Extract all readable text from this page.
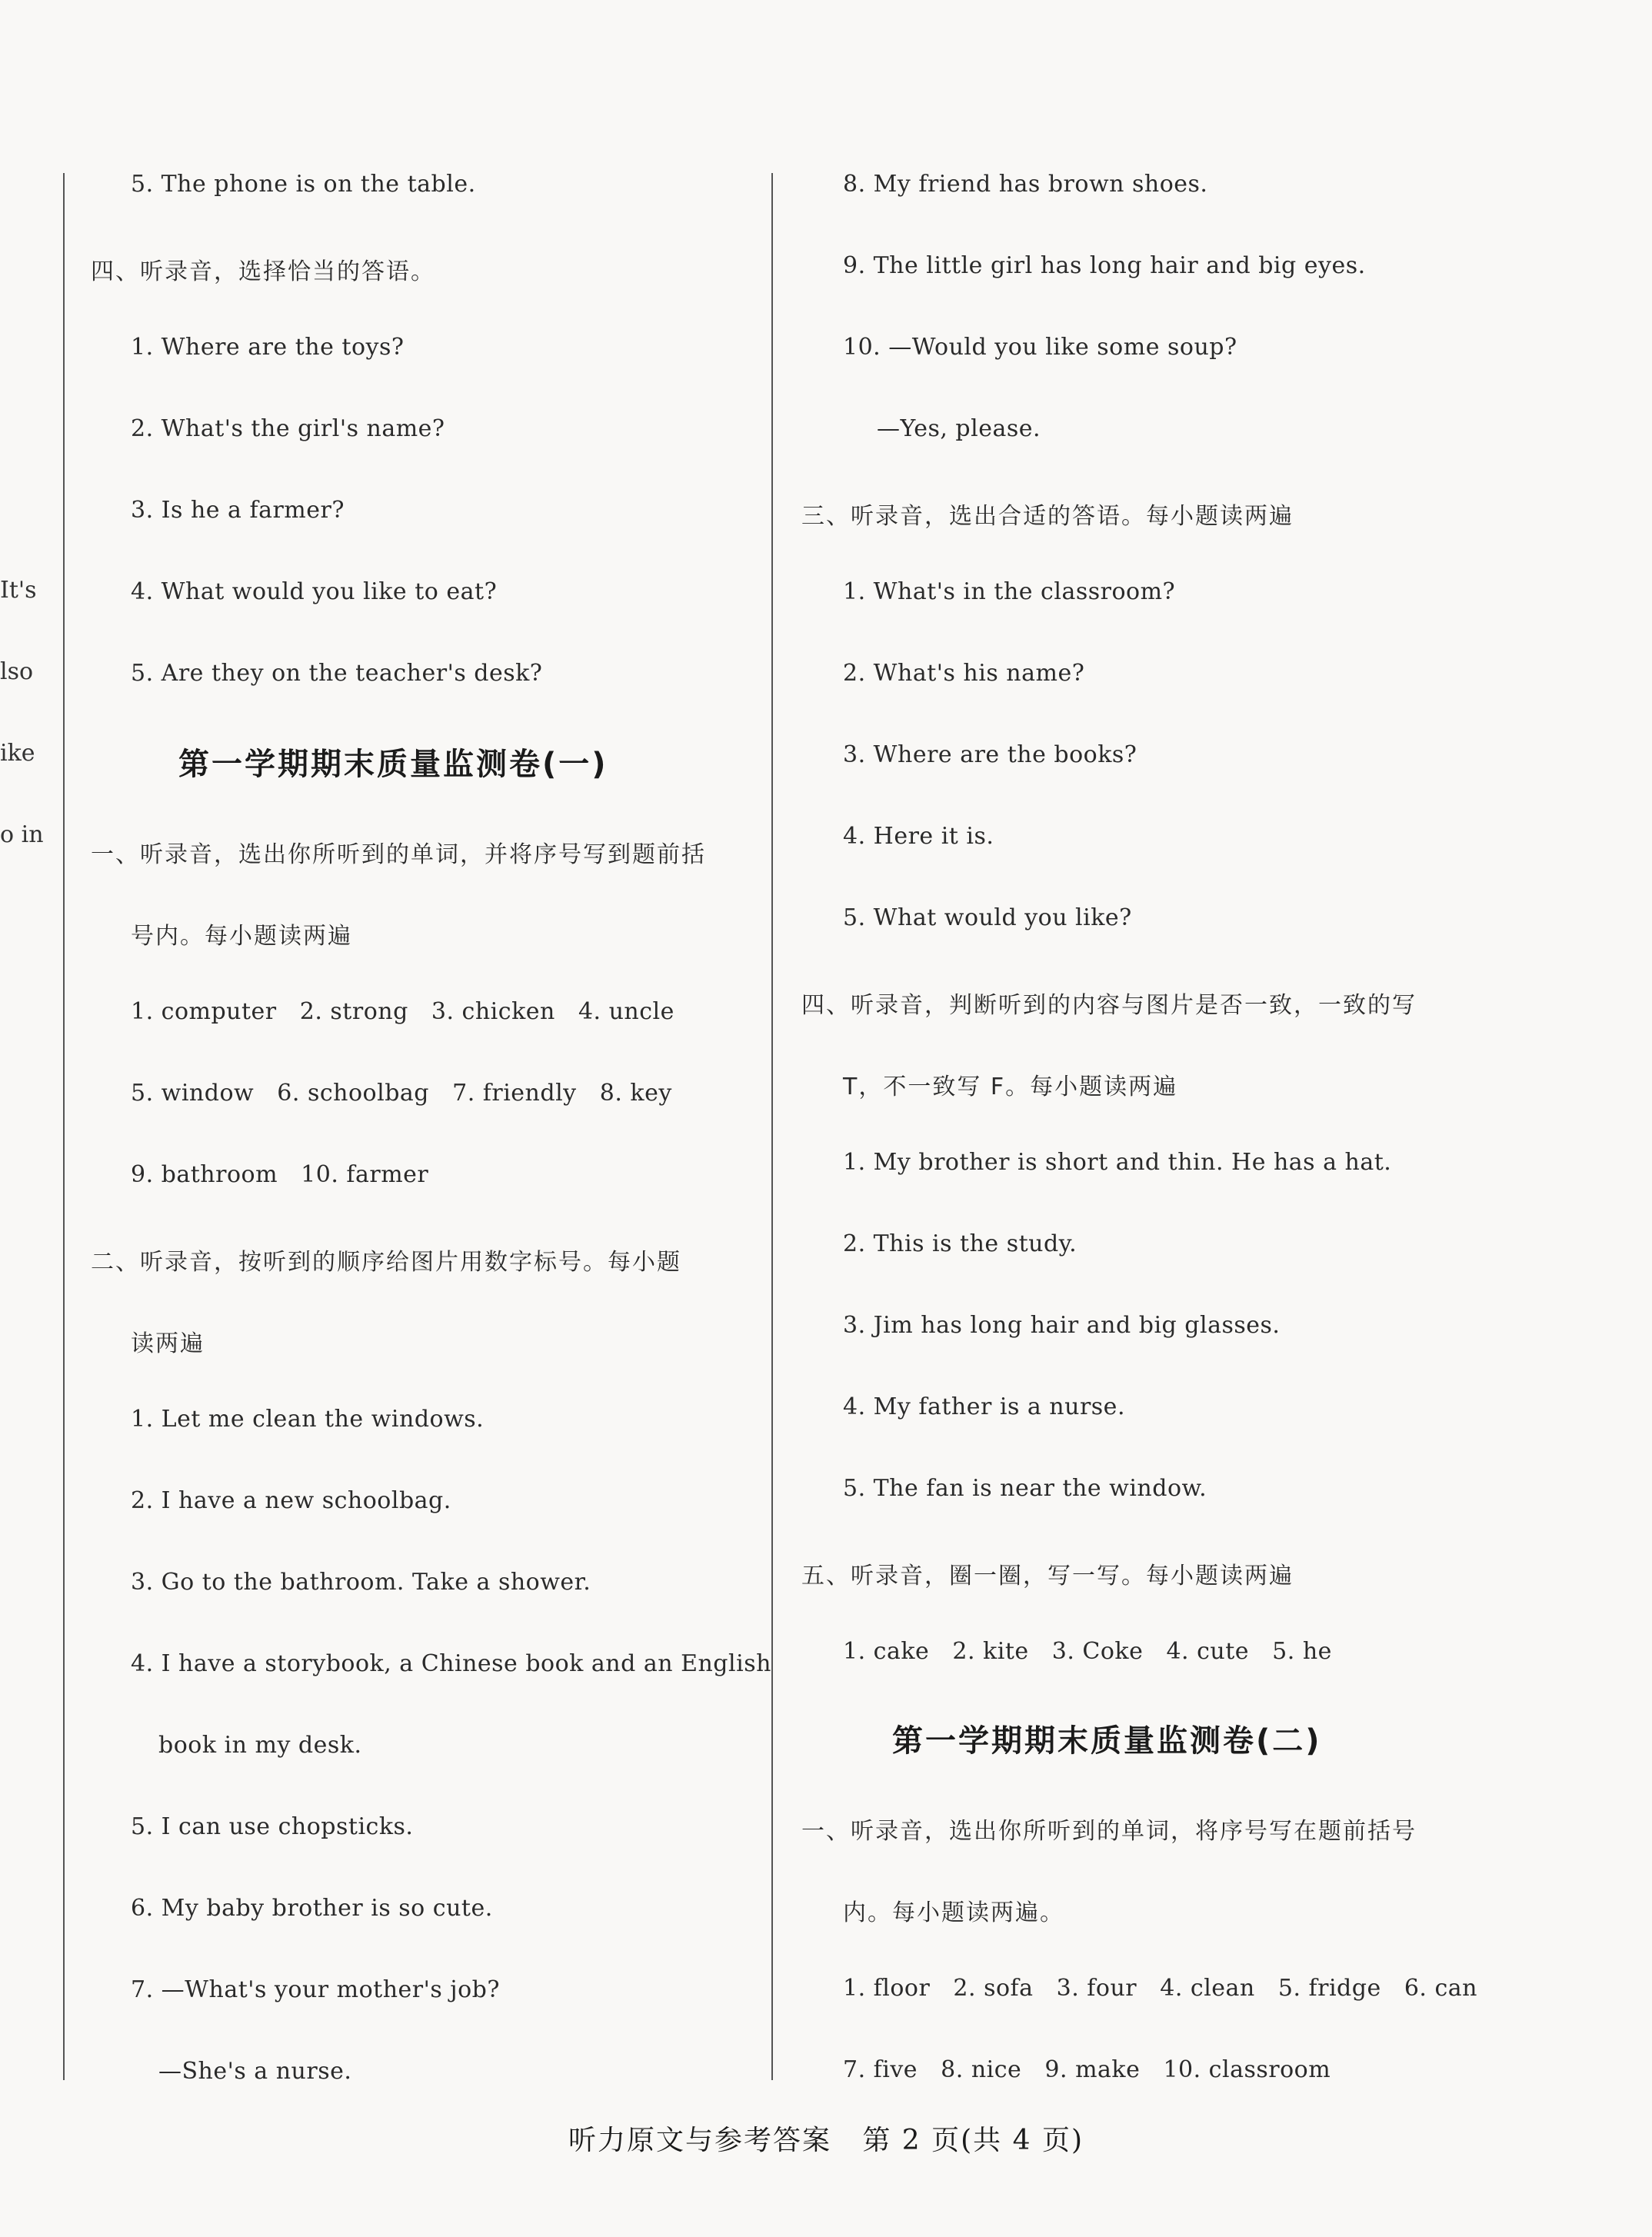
It's
lso
ike
o in
5. The phone is on the table.
四、听录音，选择恰当的答语。
1. Where are the toys?
2. What's the girl's name?
3. Is he a farmer?
4. What would you like to eat?
5. Are they on the teacher's desk?
第一学期期末质量监测卷(一)
一、听录音，选出你所听到的单词，并将序号写到题前括
号内。每小题读两遍
1. computer   2. strong   3. chicken   4. uncle
5. window   6. schoolbag   7. friendly   8. key
9. bathroom   10. farmer
二、听录音，按听到的顺序给图片用数字标号。每小题
读两遍
1. Let me clean the windows.
2. I have a new schoolbag.
3. Go to the bathroom. Take a shower.
4. I have a storybook, a Chinese book and an English
book in my desk.
5. I can use chopsticks.
6. My baby brother is so cute.
7. —What's your mother's job?
—She's a nurse.
8. My friend has brown shoes.
9. The little girl has long hair and big eyes.
10. —Would you like some soup?
—Yes, please.
三、听录音，选出合适的答语。每小题读两遍
1. What's in the classroom?
2. What's his name?
3. Where are the books?
4. Here it is.
5. What would you like?
四、听录音，判断听到的内容与图片是否一致，一致的写
T，不一致写 F。每小题读两遍
1. My brother is short and thin. He has a hat.
2. This is the study.
3. Jim has long hair and big glasses.
4. My father is a nurse.
5. The fan is near the window.
五、听录音，圈一圈，写一写。每小题读两遍
1. cake   2. kite   3. Coke   4. cute   5. he
第一学期期末质量监测卷(二)
一、听录音，选出你所听到的单词，将序号写在题前括号
内。每小题读两遍。
1. floor   2. sofa   3. four   4. clean   5. fridge   6. can
7. five   8. nice   9. make   10. classroom
听力原文与参考答案   第 2 页(共 4 页)
